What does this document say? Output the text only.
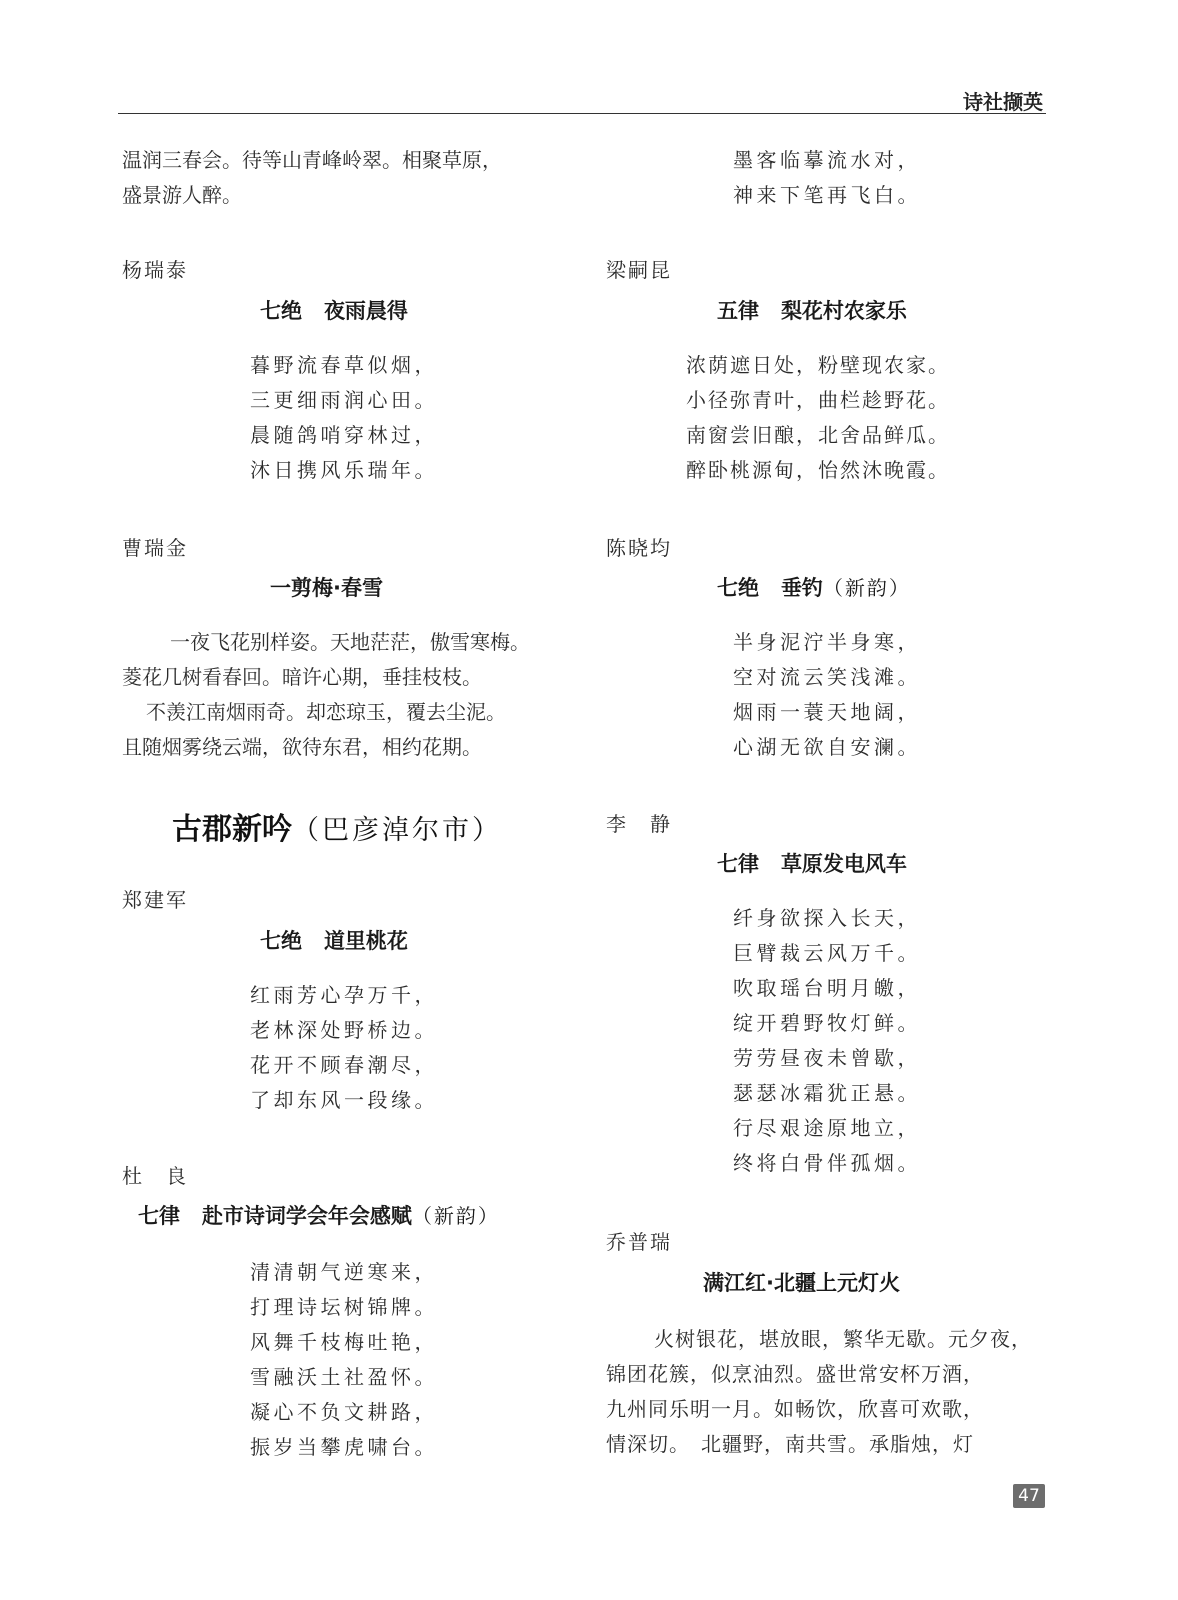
诗社撷英
温润三春会。待等山青峰岭翠。相聚草原，
盛景游人醉。
杨瑞泰
七绝 夜雨晨得
暮野流春草似烟，
三更细雨润心田。
晨随鸽哨穿林过，
沐日携风乐瑞年。
曹瑞金
一剪梅·春雪
一夜飞花别样姿。天地茫茫，傲雪寒梅。
菱花几树看春回。暗许心期，垂挂枝枝。
不羡江南烟雨奇。却恋琼玉，覆去尘泥。
且随烟雾绕云端，欲待东君，相约花期。
古郡新吟（巴彦淖尔市）
郑建军
七绝 道里桃花
红雨芳心孕万千，
老林深处野桥边。
花开不顾春潮尽，
了却东风一段缘。
杜　良
七律 赴市诗词学会年会感赋（新韵）
清清朝气逆寒来，
打理诗坛树锦牌。
风舞千枝梅吐艳，
雪融沃土社盈怀。
凝心不负文耕路，
振岁当攀虎啸台。
墨客临摹流水对，
神来下笔再飞白。
梁嗣昆
五律 梨花村农家乐
浓荫遮日处，粉壁现农家。
小径弥青叶，曲栏趁野花。
南窗尝旧酿，北舍品鲜瓜。
醉卧桃源甸，怡然沐晚霞。
陈晓均
七绝 垂钓（新韵）
半身泥泞半身寒，
空对流云笑浅滩。
烟雨一蓑天地阔，
心湖无欲自安澜。
李　静
七律 草原发电风车
纤身欲探入长天，
巨臂裁云风万千。
吹取瑶台明月皦，
绽开碧野牧灯鲜。
劳劳昼夜未曾歇，
瑟瑟冰霜犹正悬。
行尽艰途原地立，
终将白骨伴孤烟。
乔普瑞
满江红·北疆上元灯火
火树银花，堪放眼，繁华无歇。元夕夜，
锦团花簇，似烹油烈。盛世常安杯万酒，
九州同乐明一月。如畅饮，欣喜可欢歌，
情深切。　北疆野，南共雪。承脂烛，灯
47
